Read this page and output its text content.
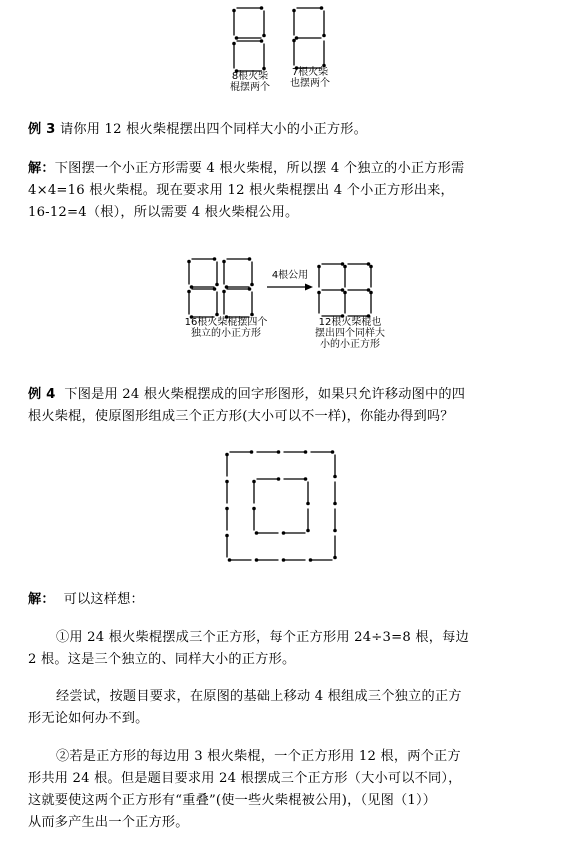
8根火柴
棍摆两个
7根火柴
也摆两个
例 3 请你用 12 根火柴棍摆出四个同样大小的小正方形。
解：下图摆一个小正方形需要 4 根火柴棍，所以摆 4 个独立的小正方形需
4×4=16 根火柴棍。现在要求用 12 根火柴棍摆出 4 个小正方形出来，
16-12=4（根），所以需要 4 根火柴棍公用。
4根公用
16根火柴棍摆四个
独立的小正方形
12根火柴棍也
摆出四个同样大
小的小正方形
例 4 下图是用 24 根火柴棍摆成的回字形图形，如果只允许移动图中的四
根火柴棍，使原图形组成三个正方形(大小可以不一样)，你能办得到吗？
解： 可以这样想：
①用 24 根火柴棍摆成三个正方形，每个正方形用 24÷3=8 根，每边
2 根。这是三个独立的、同样大小的正方形。
经尝试，按题目要求，在原图的基础上移动 4 根组成三个独立的正方
形无论如何办不到。
②若是正方形的每边用 3 根火柴棍，一个正方形用 12 根，两个正方
形共用 24 根。但是题目要求用 24 根摆成三个正方形（大小可以不同），
这就要使这两个正方形有“重叠”(使一些火柴棍被公用)，（见图（1））
从而多产生出一个正方形。
